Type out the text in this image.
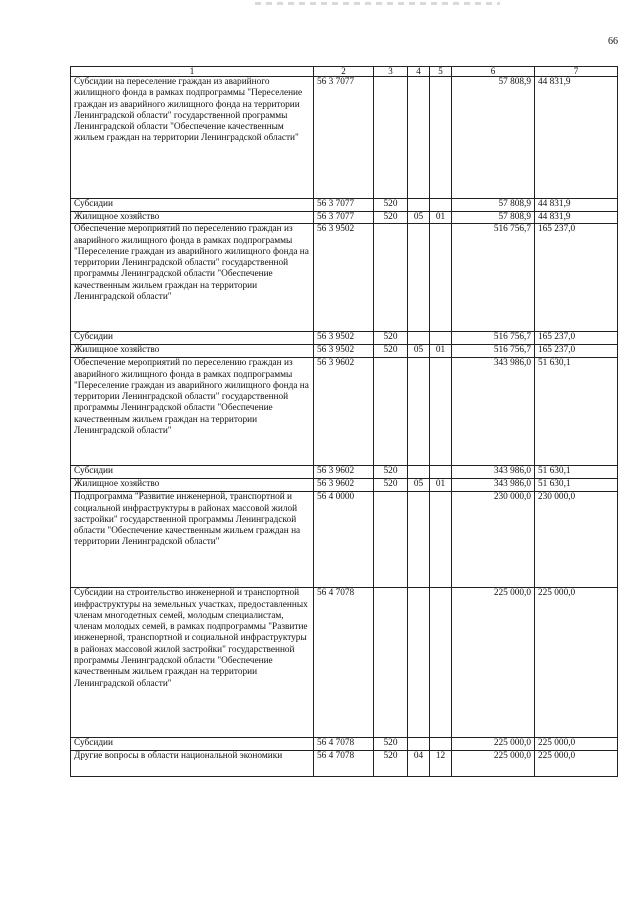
66
1	2	3	4	5	6	7
Субсидии на переселение граждан из аварийного жилищного фонда в рамках подпрограммы "Переселение граждан из аварийного жилищного фонда на территории Ленинградской области" государственной программы Ленинградской области "Обеспечение качественным жильем граждан на территории Ленинградской области"	56 3 7077				57 808,9	44 831,9
Субсидии	56 3 7077	520			57 808,9	44 831,9
Жилищное хозяйство	56 3 7077	520	05	01	57 808,9	44 831,9
Обеспечение мероприятий по переселению граждан из аварийного жилищного фонда в рамках подпрограммы "Переселение граждан из аварийного жилищного фонда на территории Ленинградской области" государственной программы Ленинградской области "Обеспечение качественным жильем граждан на территории Ленинградской области"	56 3 9502				516 756,7	165 237,0
Субсидии	56 3 9502	520			516 756,7	165 237,0
Жилищное хозяйство	56 3 9502	520	05	01	516 756,7	165 237,0
Обеспечение мероприятий по переселению граждан из аварийного жилищного фонда в рамках подпрограммы "Переселение граждан из аварийного жилищного фонда на территории Ленинградской области" государственной программы Ленинградской области "Обеспечение качественным жильем граждан на территории Ленинградской области"	56 3 9602				343 986,0	51 630,1
Субсидии	56 3 9602	520			343 986,0	51 630,1
Жилищное хозяйство	56 3 9602	520	05	01	343 986,0	51 630,1
Подпрограмма "Развитие инженерной, транспортной и социальной инфраструктуры в районах массовой жилой застройки" государственной программы Ленинградской области "Обеспечение качественным жильем граждан на территории Ленинградской области"	56 4 0000				230 000,0	230 000,0
Субсидии на строительство инженерной и транспортной инфраструктуры на земельных участках, предоставленных членам многодетных семей, молодым специалистам, членам молодых семей, в рамках подпрограммы "Развитие инженерной, транспортной и социальной инфраструктуры в районах массовой жилой застройки" государственной программы Ленинградской области "Обеспечение качественным жильем граждан на территории Ленинградской области"	56 4 7078				225 000,0	225 000,0
Субсидии	56 4 7078	520			225 000,0	225 000,0
Другие вопросы в области национальной экономики	56 4 7078	520	04	12	225 000,0	225 000,0
